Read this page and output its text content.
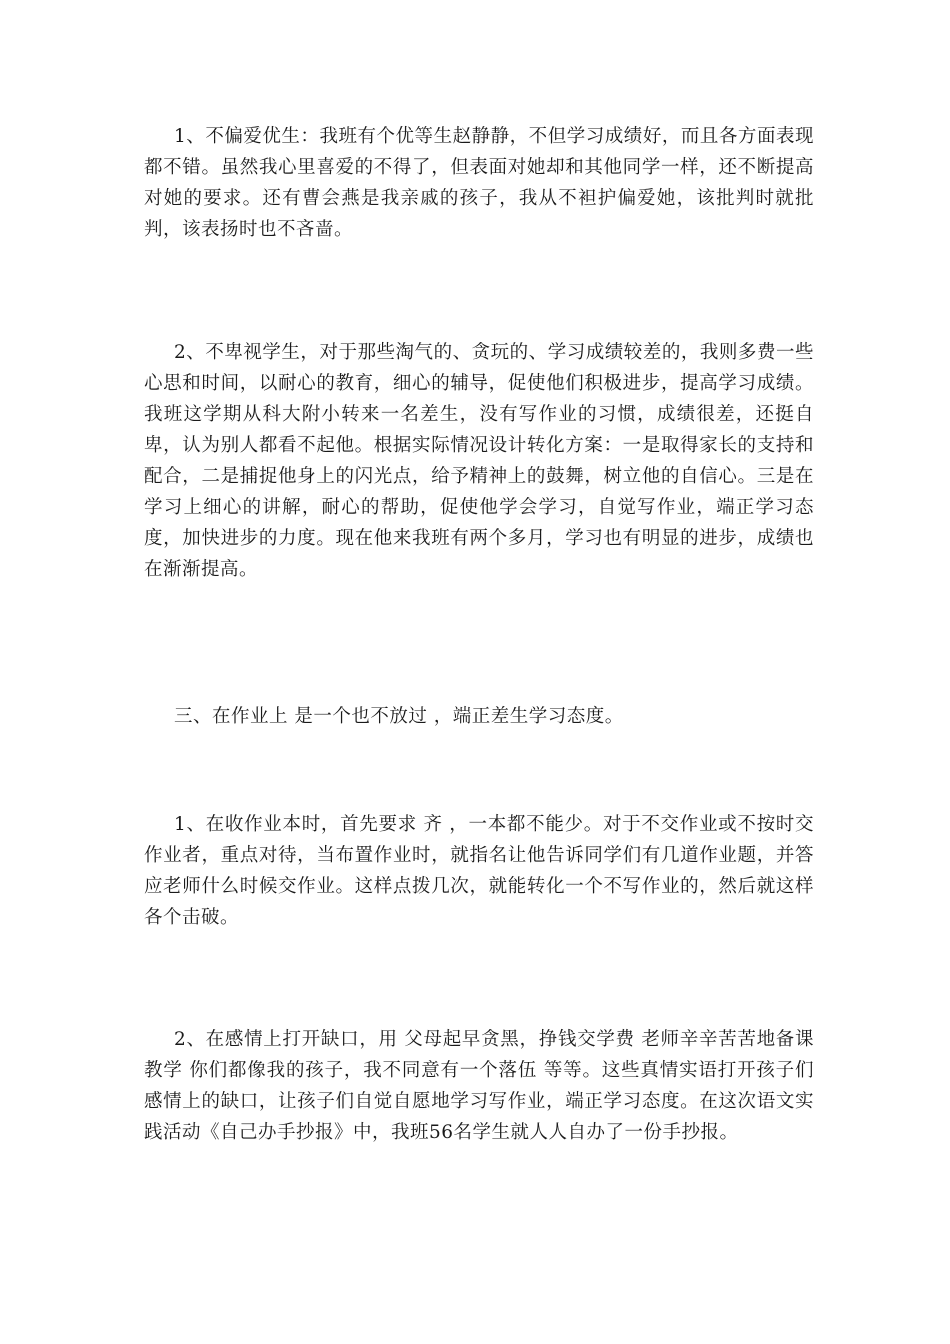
1、不偏爱优生：我班有个优等生赵静静，不但学习成绩好，而且各方面表现都不错。虽然我心里喜爱的不得了，但表面对她却和其他同学一样，还不断提高对她的要求。还有曹会燕是我亲戚的孩子，我从不袒护偏爱她，该批判时就批判，该表扬时也不吝啬。

2、不卑视学生，对于那些淘气的、贪玩的、学习成绩较差的，我则多费一些心思和时间，以耐心的教育，细心的辅导，促使他们积极进步，提高学习成绩。我班这学期从科大附小转来一名差生，没有写作业的习惯，成绩很差，还挺自卑，认为别人都看不起他。根据实际情况设计转化方案：一是取得家长的支持和配合，二是捕捉他身上的闪光点，给予精神上的鼓舞，树立他的自信心。三是在学习上细心的讲解，耐心的帮助，促使他学会学习，自觉写作业，端正学习态度，加快进步的力度。现在他来我班有两个多月，学习也有明显的进步，成绩也在渐渐提高。

三、在作业上 是一个也不放过 ，端正差生学习态度。

1、在收作业本时，首先要求 齐 ，一本都不能少。对于不交作业或不按时交作业者，重点对待，当布置作业时，就指名让他告诉同学们有几道作业题，并答应老师什么时候交作业。这样点拨几次，就能转化一个不写作业的，然后就这样各个击破。

2、在感情上打开缺口，用 父母起早贪黑，挣钱交学费 老师辛辛苦苦地备课教学 你们都像我的孩子，我不同意有一个落伍 等等。这些真情实语打开孩子们感情上的缺口，让孩子们自觉自愿地学习写作业，端正学习态度。在这次语文实践活动《自己办手抄报》中，我班56名学生就人人自办了一份手抄报。
